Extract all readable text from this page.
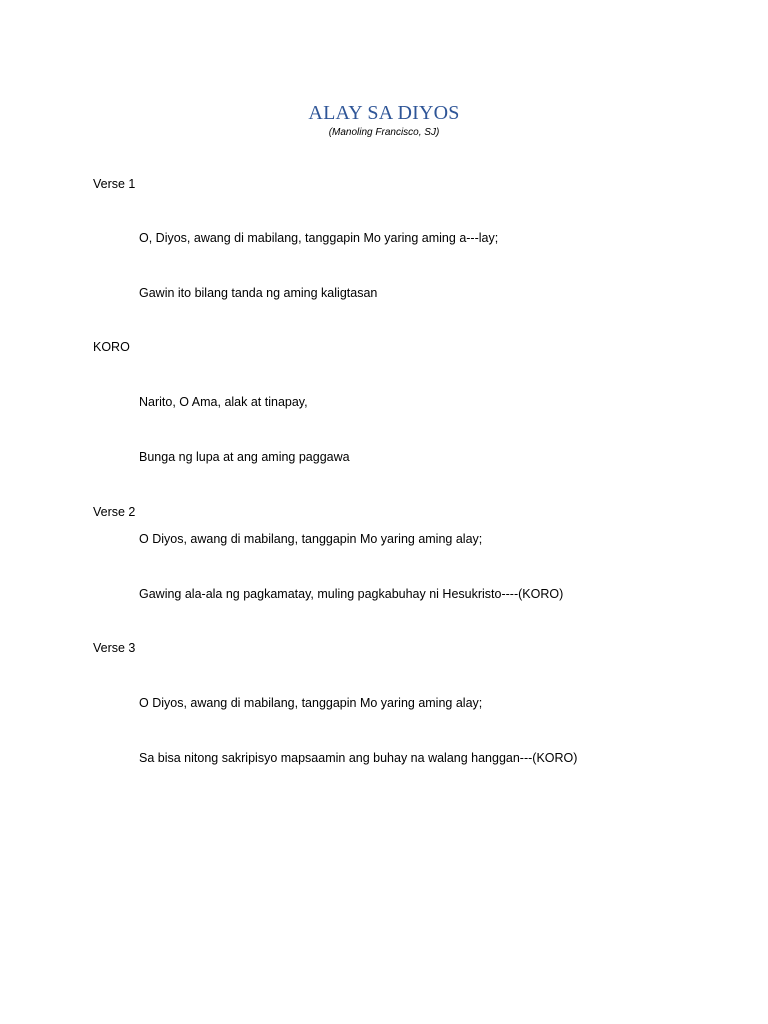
ALAY SA DIYOS
(Manoling Francisco, SJ)
Verse 1
O, Diyos, awang di mabilang, tanggapin Mo yaring aming a---lay;
Gawin ito bilang tanda ng aming kaligtasan
KORO
Narito, O Ama, alak at tinapay,
Bunga ng lupa at ang aming paggawa
Verse 2
O Diyos, awang di mabilang, tanggapin Mo yaring aming alay;
Gawing ala-ala ng pagkamatay, muling pagkabuhay ni Hesukristo----(KORO)
Verse 3
O Diyos, awang di mabilang, tanggapin Mo yaring aming alay;
Sa bisa nitong sakripisyo mapsaamin ang buhay na walang hanggan---(KORO)
